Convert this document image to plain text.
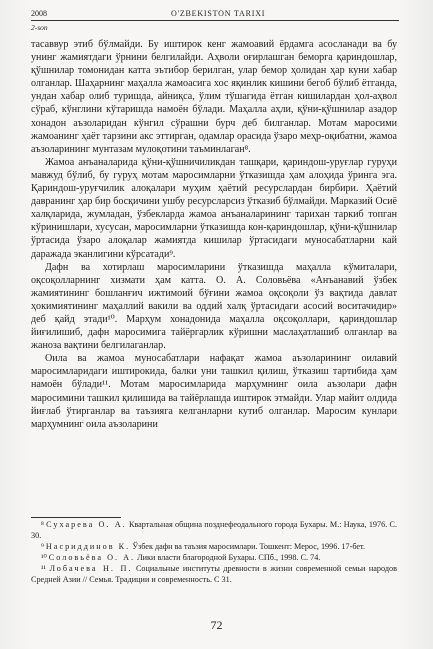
2008	O'ZBEKISTON TARIXI
2-son

тасаввур этиб бўлмайди. Бу иштирок кенг жамоавий ёрдамга асосланади ва бу унинг жамиятдаги ўрнини белгилайди. Аҳволи оғирлашган беморга қариндошлар, қўшнилар томонидан катта эътибор берилган, улар бемор ҳолидан ҳар куни хабар олганлар. Шаҳарнинг маҳалла жамоасига хос яқинлик кишини бегоб бўлиб ётганда, ундан хабар олиб туришда, айниқса, ўлим тўшагида ётган кишилардан ҳол-аҳвол сўраб, кўнглини кўтаришда намоён бўлади. Маҳалла аҳли, қўни-қўшнилар азадор хонадон аъзоларидан кўнгил сўрашни бурч деб билганлар. Мотам маросими жамоанинг ҳаёт тарзини акс эттирган, одамлар орасида ўзаро меҳр-оқибатни, жамоа аъзоларининг мунтазам мулоқотини таъминлаган⁸.

Жамоа анъаналарида қўни-қўшничиликдан ташқари, қариндош-уруғлар гуруҳи мавжуд бўлиб, бу гуруҳ мотам маросимларни ўтказишда ҳам алоҳида ўринга эга. Қариндош-уруғчилик алоқалари муҳим ҳаётий ресурслардан бирбири. Ҳаётий давранинг ҳар бир босқичини ушбу ресурсларсиз ўтказиб бўлмайди. Марказий Осиё халқларида, жумладан, ўзбекларда жамоа анъаналарининг тарихан таркиб топган кўринишлари, хусусан, маросимларни ўтказишда кон-қариндошлар, қўни-қўшнилар ўртасида ўзаро алоқалар жамиятда кишилар ўртасидаги муносабатларни кай даражада эканлигини кўрсатади⁹.

Дафн ва хотирлаш маросимларини ўтказишда маҳалла кўмиталари, оқсоқолларнинг хизмати ҳам катта. О. А. Соловьёва «Анъанавий ўзбек жамиятининг бошланғич ижтимоий бўғини жамоа оқсоқоли ўз вақтида давлат ҳокимиятининг маҳаллий вакили ва оддий халқ ўртасидаги асосий воситачидир» деб қайд этади¹⁰. Марҳум хонадонида маҳалла оқсоқоллари, қариндошлар йиғилишиб, дафн маросимига тайёргарлик кўришни маслаҳатлашиб олганлар ва жаноза вақтини белгилаганлар.

Оила ва жамоа муносабатлари нафақат жамоа аъзоларининг оилавий маросимларидаги иштирокида, балки уни ташкил қилиш, ўтказиш тартибида ҳам намоён бўлади¹¹. Мотам маросимларида марҳумнинг оила аъзолари дафн маросимини ташкил қилишида ва тайёрлашда иштирок этмайди. Улар майит олдида йиғлаб ўтирганлар ва таъзияга келганларни кутиб олганлар. Маросим кунлари марҳумнинг оила аъзоларини

⁸ Сухарева О. А. Квартальная община позднефеодального города Бухары. М.: Наука, 1976. С. 30.
⁹ Насриддинов К. Ўзбек дафн ва таъзия маросимлари. Тошкент: Мерос, 1996. 17-бет.
¹⁰ Соловьёва О. А. Лики власти благородной Бухары. СПб., 1998. С. 74.
¹¹ Лобачева Н. П. Социальные институты древности в жизни современной семьи народов Средней Азии // Семья. Традиции и современность. С 31.
72
